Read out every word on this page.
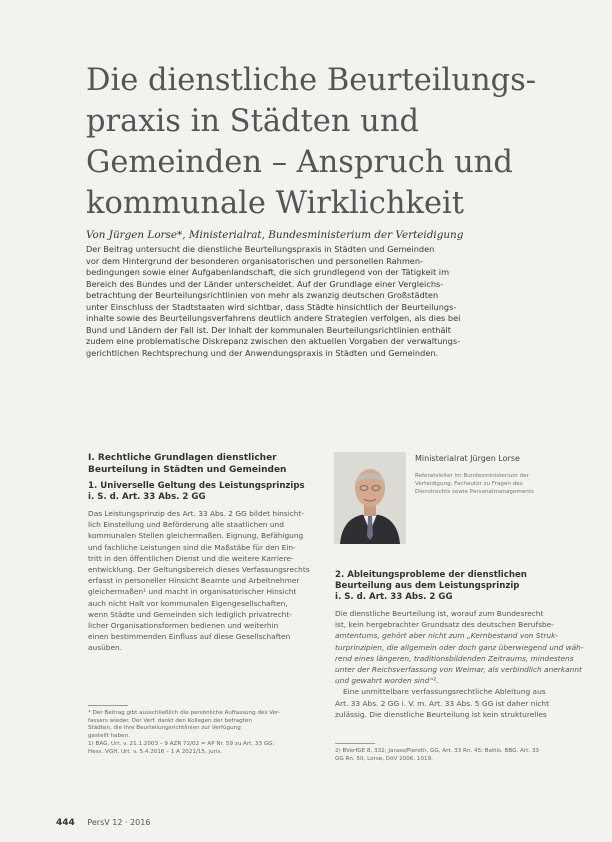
Die dienstliche Beurteilungs-
praxis in Städten und
Gemeinden – Anspruch und
kommunale Wirklichkeit
Von Jürgen Lorse*, Ministerialrat, Bundesministerium der Verteidigung
Der Beitrag untersucht die dienstliche Beurteilungspraxis in Städten und Gemeinden
vor dem Hintergrund der besonderen organisatorischen und personellen Rahmen-
bedingungen sowie einer Aufgabenlandschaft, die sich grundlegend von der Tätigkeit im
Bereich des Bundes und der Länder unterscheidet. Auf der Grundlage einer Vergleichs-
betrachtung der Beurteilungsrichtlinien von mehr als zwanzig deutschen Großstädten
unter Einschluss der Stadtstaaten wird sichtbar, dass Städte hinsichtlich der Beurteilungs-
inhalte sowie des Beurteilungsverfahrens deutlich andere Strategien verfolgen, als dies bei
Bund und Ländern der Fall ist. Der Inhalt der kommunalen Beurteilungsrichtlinien enthält
zudem eine problematische Diskrepanz zwischen den aktuellen Vorgaben der verwaltungs-
gerichtlichen Rechtsprechung und der Anwendungspraxis in Städten und Gemeinden.
I. Rechtliche Grundlagen dienstlicher
Beurteilung in Städten und Gemeinden
1. Universelle Geltung des Leistungsprinzips
i. S. d. Art. 33 Abs. 2 GG
Das Leistungsprinzip des Art. 33 Abs. 2 GG bildet hinsicht-
lich Einstellung und Beförderung alle staatlichen und
kommunalen Stellen gleichermaßen. Eignung, Befähigung
und fachliche Leistungen sind die Maßstäbe für den Ein-
tritt in den öffentlichen Dienst und die weitere Karriere-
entwicklung. Der Geltungsbereich dieses Verfassungsrechts
erfasst in personeller Hinsicht Beamte und Arbeitnehmer
gleichermaßen¹ und macht in organisatorischer Hinsicht
auch nicht Halt vor kommunalen Eigengesellschaften,
wenn Städte und Gemeinden sich lediglich privatrecht-
licher Organisationsformen bedienen und weiterhin
einen bestimmenden Einfluss auf diese Gesellschaften
ausüben.
* Der Beitrag gibt ausschließlich die persönliche Auffassung des Ver-
fassers wieder. Der Verf. dankt den Kollegen der befragten
Städten, die ihre Beurteilungsrichtlinien zur Verfügung
gestellt haben.
1) BAG, Urt. v. 21.1.2003 – 9 AZR 72/02 = AP Nr. 59 zu Art. 33 GG;
Hess. VGH, Urt. v. 5.4.2016 – 1 A 2021/15, juris.
Ministerialrat Jürgen Lorse
Referatsleiter im Bundesministerium der
Verteidigung, Fachautor zu Fragen des
Dienstrechts sowie Personalmanagements
2. Ableitungsprobleme der dienstlichen
Beurteilung aus dem Leistungsprinzip
i. S. d. Art. 33 Abs. 2 GG
Die dienstliche Beurteilung ist, worauf zum Bundesrecht
ist, kein hergebrachter Grundsatz des deutschen Berufsbe-
amtentums, gehört aber nicht zum „Kernbestand von Struk-
turprinzipien, die allgemein oder doch ganz überwiegend und wäh-
rend eines längeren, traditionsbildenden Zeitraums, mindestens
unter der Reichsverfassung von Weimar, als verbindlich anerkannt
und gewahrt worden sind“².
Eine unmittelbare verfassungsrechtliche Ableitung aus
Art. 33 Abs. 2 GG i. V. m. Art. 33 Abs. 5 GG ist daher nicht
zulässig. Die dienstliche Beurteilung ist kein strukturelles
2) BVerfGE 8, 332; Jarass/Pieroth, GG, Art. 33 Rn. 45; Battis, BBG, Art. 33
GG Rn. 50, Lorse, DöV 2006, 1019.
444 PersV 12 · 2016
